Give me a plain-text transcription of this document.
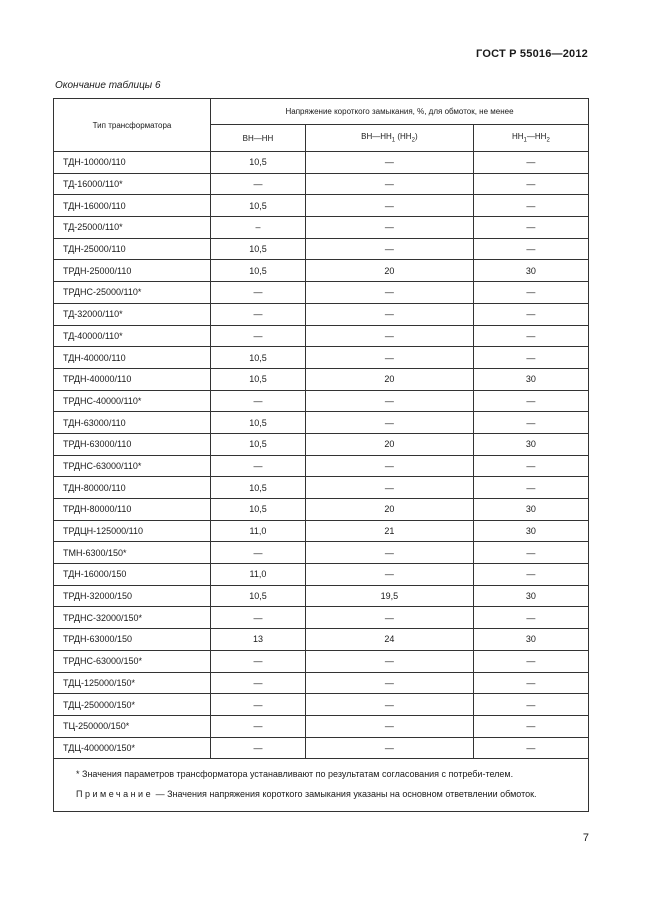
ГОСТ Р 55016—2012
Окончание таблицы 6
Тип трансформатора	Напряжение короткого замыкания, %, для обмоток, не менее		
	ВН—НН	$ВН—НН_1$ $(НН_2)$	$НН_1—НН_2$
ТДН-10000/110	10,5	—	—
ТД-16000/110*	—	—	—
ТДН-16000/110	10,5	—	—
ТД-25000/110*	–	—	—
ТДН-25000/110	10,5	—	—
ТРДН-25000/110	10,5	20	30
ТРДНС-25000/110*	—	—	—
ТД-32000/110*	—	—	—
ТД-40000/110*	—	—	—
ТДН-40000/110	10,5	—	—
ТРДН-40000/110	10,5	20	30
ТРДНС-40000/110*	—	—	—
ТДН-63000/110	10,5	—	—
ТРДН-63000/110	10,5	20	30
ТРДНС-63000/110*	—	—	—
ТДН-80000/110	10,5	—	—
ТРДН-80000/110	10,5	20	30
ТРДЦН-125000/110	11,0	21	30
ТМН-6300/150*	—	—	—
ТДН-16000/150	11,0	—	—
ТРДН-32000/150	10,5	19,5	30
ТРДНС-32000/150*	—	—	—
ТРДН-63000/150	13	24	30
ТРДНС-63000/150*	—	—	—
ТДЦ-125000/150*	—	—	—
ТДЦ-250000/150*	—	—	—
ТЦ-250000/150*	—	—	—
ТДЦ-400000/150*	—	—	—

* Значения параметров трансформатора устанавливают по результатам согласования с потреби-телем.
Примечание — Значения напряжения короткого замыкания указаны на основном ответвлении обмоток.			
7
